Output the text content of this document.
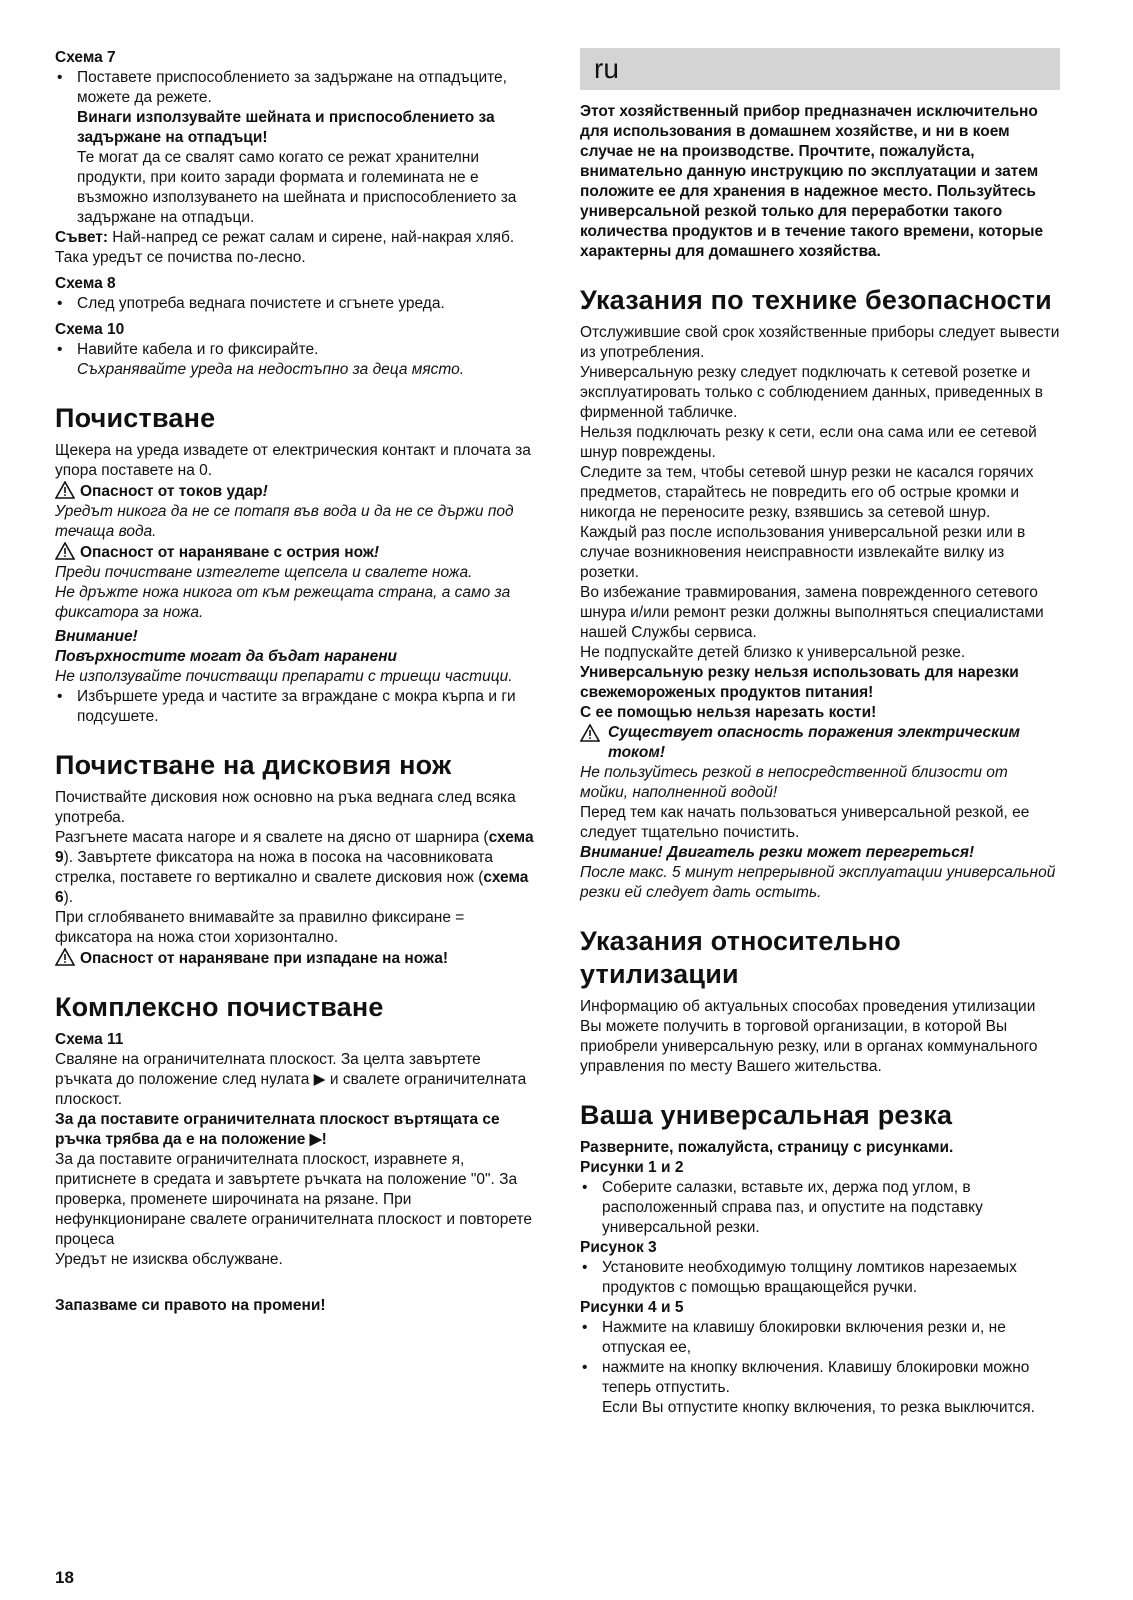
Схема 7

• Поставете приспособлението за задържане на отпадъците, можете да режете.

Винаги използувайте шейната и приспособлението за задържане на отпадъци!

Те могат да се свалят само когато се режат хранителни продукти, при които заради формата и големината не е възможно използуването на шейната и приспособлението за задържане на отпадъци.

Съвет: Най-напред се режат салам и сирене, най-накрая хляб. Така уредът се почиства по-лесно.

Схема 8

• След употреба веднага почистете и сгънете уреда.

Схема 10

• Навийте кабела и го фиксирайте.

Съхранявайте уреда на недостъпно за деца място.

Почистване

Щекера на уреда извадете от електрическия контакт и плочата за упора поставете на 0.

Опасност от токов удар!

Уредът никога да не се потапя във вода и да не се държи под течаща вода.

Опасност от нараняване с острия нож!

Преди почистване изтеглете щепсела и свалете ножа.

Не дръжте ножа никога от към режещата страна, а само за фиксатора за ножа.

Внимание!

Повърхностите могат да бъдат наранени

Не използувайте почистващи препарати с триещи частици.

• Избършете уреда и частите за вграждане с мокра кърпа и ги подсушете.

Почистване на дисковия нож

Почиствайте дисковия нож основно на ръка веднага след всяка употреба.

Разгънете масата нагоре и я свалете на дясно от шарнира (схема 9). Завъртете фиксатора на ножа в посока на часовниковата стрелка, поставете го вертикално и свалете дисковия нож (схема 6).

При сглобяването внимавайте за правилно фиксиране = фиксатора на ножа стои хоризонтално.

Опасност от нараняване при изпадане на ножа!

Комплексно почистване

Схема 11

Сваляне на ограничителната плоскост. За целта завъртете ръчката до положение след нулата ▶ и свалете ограничителната плоскост.

За да поставите ограничителната плоскост въртящата се ръчка трябва да е на положение ▶!

За да поставите ограничителната плоскост, изравнете я, притиснете в средата и завъртете ръчката на положение "0". За проверка, променете широчината на рязане. При нефункциониране свалете ограничителната плоскост и повторете процеса

Уредът не изисква обслужване.

Запазваме си правото на промени!

ru

Этот хозяйственный прибор предназначен исключительно для использования в домашнем хозяйстве, и ни в коем случае не на производстве. Прочтите, пожалуйста, внимательно данную инструкцию по эксплуатации и затем положите ее для хранения в надежное место. Пользуйтесь универсальной резкой только для переработки такого количества продуктов и в течение такого времени, которые характерны для домашнего хозяйства.

Указания по технике безопасности

Отслужившие свой срок хозяйственные приборы следует вывести из употребления.

Универсальную резку следует подключать к сетевой розетке и эксплуатировать только с соблюдением данных, приведенных в фирменной табличке.

Нельзя подключать резку к сети, если она сама или ее сетевой шнур повреждены.

Следите за тем, чтобы сетевой шнур резки не касался горячих предметов, старайтесь не повредить его об острые кромки и никогда не переносите резку, взявшись за сетевой шнур.

Каждый раз после использования универсальной резки или в случае возникновения неисправности извлекайте вилку из розетки.

Во избежание травмирования, замена поврежденного сетевого шнура и/или ремонт резки должны выполняться специалистами нашей Службы сервиса.

Не подпускайте детей близко к универсальной резке.

Универсальную резку нельзя использовать для нарезки свежемороженых продуктов питания!

С ее помощью нельзя нарезать кости!

Существует опасность поражения электрическим током!

Не пользуйтесь резкой в непосредственной близости от мойки, наполненной водой!

Перед тем как начать пользоваться универсальной резкой, ее следует тщательно почистить.

Внимание! Двигатель резки может перегреться!

После макс. 5 минут непрерывной эксплуатации универсальной резки ей следует дать остыть.

Указания относительно утилизации

Информацию об актуальных способах проведения утилизации Вы можете получить в торговой организации, в которой Вы приобрели универсальную резку, или в органах коммунального управления по месту Вашего жительства.

Ваша универсальная резка

Разверните, пожалуйста, страницу с рисунками.

Рисунки 1 и 2

• Соберите салазки, вставьте их, держа под углом, в расположенный справа паз, и опустите на подставку универсальной резки.

Рисунок 3

• Установите необходимую толщину ломтиков нарезаемых продуктов с помощью вращающейся ручки.

Рисунки 4 и 5

• Нажмите на клавишу блокировки включения резки и, не отпуская ее,

• нажмите на кнопку включения. Клавишу блокировки можно теперь отпустить.

Если Вы отпустите кнопку включения, то резка выключится.

18
